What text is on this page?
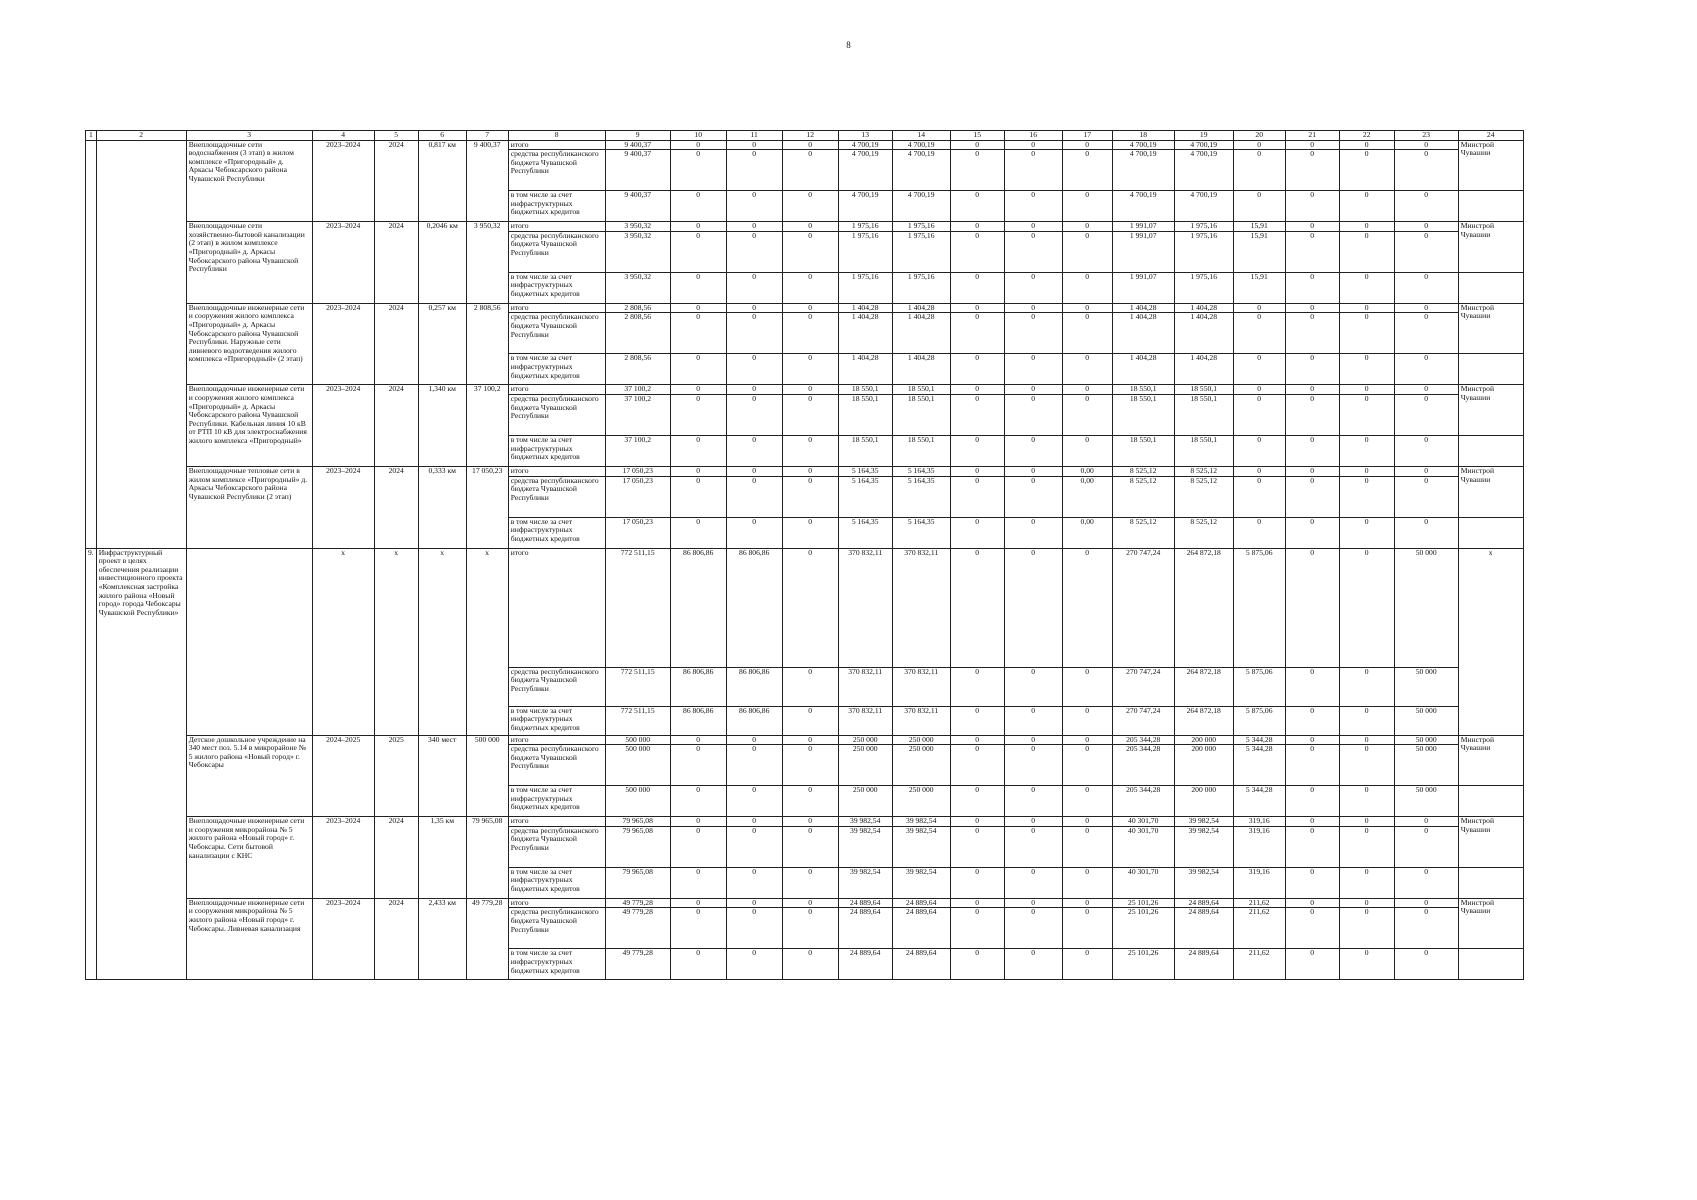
8
1	2	3	4	5	6	7	8	9	10	11	12	13	14	15	16	17	18	19	20	21	22	23	24
		Внеплощадочные сети водоснабжения (3 этап) в жилом комплексе «Пригородный» д. Аркасы Чебоксарского района Чувашской Республики	2023–2024	2024	0,817 км	9 400,37	итого	9 400,37	0	0	0	4 700,19	4 700,19	0	0	0	4 700,19	4 700,19	0	0	0	0	Минстрой Чувашии
							средства республиканского бюджета Чувашской Республики	9 400,37	0	0	0	4 700,19	4 700,19	0	0	0	4 700,19	4 700,19	0	0	0	0	
							в том числе за счет инфраструктурных бюджетных кредитов	9 400,37	0	0	0	4 700,19	4 700,19	0	0	0	4 700,19	4 700,19	0	0	0	0	
		Внеплощадочные сети хозяйственно-бытовой канализации (2 этап) в жилом комплексе «Пригородный» д. Аркасы Чебоксарского района Чувашской Республики	2023–2024	2024	0,2046 км	3 950,32	итого	3 950,32	0	0	0	1 975,16	1 975,16	0	0	0	1 991,07	1 975,16	15,91	0	0	0	Минстрой Чувашии
							средства республиканского бюджета Чувашской Республики	3 950,32	0	0	0	1 975,16	1 975,16	0	0	0	1 991,07	1 975,16	15,91	0	0	0	
							в том числе за счет инфраструктурных бюджетных кредитов	3 950,32	0	0	0	1 975,16	1 975,16	0	0	0	1 991,07	1 975,16	15,91	0	0	0	
		Внеплощадочные инженерные сети и сооружения жилого комплекса «Пригородный» д. Аркасы Чебоксарского района Чувашской Республики. Наружные сети ливневого водоотведения жилого комплекса «Пригородный» (2 этап)	2023–2024	2024	0,257 км	2 808,56	итого	2 808,56	0	0	0	1 404,28	1 404,28	0	0	0	1 404,28	1 404,28	0	0	0	0	Минстрой Чувашии
							средства республиканского бюджета Чувашской Республики	2 808,56	0	0	0	1 404,28	1 404,28	0	0	0	1 404,28	1 404,28	0	0	0	0	
							в том числе за счет инфраструктурных бюджетных кредитов	2 808,56	0	0	0	1 404,28	1 404,28	0	0	0	1 404,28	1 404,28	0	0	0	0	
		Внеплощадочные инженерные сети и сооружения жилого комплекса «Пригородный» д. Аркасы Чебоксарского района Чувашской Республики. Кабельная линия 10 кВ от РТП 10 кВ для электроснабжения жилого комплекса «Пригородный»	2023–2024	2024	1,340 км	37 100,2	итого	37 100,2	0	0	0	18 550,1	18 550,1	0	0	0	18 550,1	18 550,1	0	0	0	0	Минстрой Чувашии
							средства республиканского бюджета Чувашской Республики	37 100,2	0	0	0	18 550,1	18 550,1	0	0	0	18 550,1	18 550,1	0	0	0	0	
							в том числе за счет инфраструктурных бюджетных кредитов	37 100,2	0	0	0	18 550,1	18 550,1	0	0	0	18 550,1	18 550,1	0	0	0	0	
		Внеплощадочные тепловые сети в жилом комплексе «Пригородный» д. Аркасы Чебоксарского района Чувашской Республики (2 этап)	2023–2024	2024	0,333 км	17 050,23	итого	17 050,23	0	0	0	5 164,35	5 164,35	0	0	0,00	8 525,12	8 525,12	0	0	0	0	Минстрой Чувашии
							средства республиканского бюджета Чувашской Республики	17 050,23	0	0	0	5 164,35	5 164,35	0	0	0,00	8 525,12	8 525,12	0	0	0	0	
							в том числе за счет инфраструктурных бюджетных кредитов	17 050,23	0	0	0	5 164,35	5 164,35	0	0	0,00	8 525,12	8 525,12	0	0	0	0	
9.	Инфраструктурный проект в целях обеспечения реализации инвестиционного проекта «Комплексная застройка жилого района «Новый город» города Чебоксары Чувашской Республики»		x	x	x	x	итого	772 511,15	86 806,86	86 806,86	0	370 832,11	370 832,11	0	0	0	270 747,24	264 872,18	5 875,06	0	0	50 000	x
							средства республиканского бюджета Чувашской Республики	772 511,15	86 806,86	86 806,86	0	370 832,11	370 832,11	0	0	0	270 747,24	264 872,18	5 875,06	0	0	50 000	
							в том числе за счет инфраструктурных бюджетных кредитов	772 511,15	86 806,86	86 806,86	0	370 832,11	370 832,11	0	0	0	270 747,24	264 872,18	5 875,06	0	0	50 000	
		Детское дошкольное учреждение на 340 мест поз. 5.14 в микрорайоне № 5 жилого района «Новый город» г. Чебоксары	2024–2025	2025	340 мест	500 000	итого	500 000	0	0	0	250 000	250 000	0	0	0	205 344,28	200 000	5 344,28	0	0	50 000	Минстрой Чувашии
							средства республиканского бюджета Чувашской Республики	500 000	0	0	0	250 000	250 000	0	0	0	205 344,28	200 000	5 344,28	0	0	50 000	
							в том числе за счет инфраструктурных бюджетных кредитов	500 000	0	0	0	250 000	250 000	0	0	0	205 344,28	200 000	5 344,28	0	0	50 000	
		Внеплощадочные инженерные сети и сооружения микрорайона № 5 жилого района «Новый город» г. Чебоксары. Сети бытовой канализации с КНС	2023–2024	2024	1,35 км	79 965,08	итого	79 965,08	0	0	0	39 982,54	39 982,54	0	0	0	40 301,70	39 982,54	319,16	0	0	0	Минстрой Чувашии
							средства республиканского бюджета Чувашской Республики	79 965,08	0	0	0	39 982,54	39 982,54	0	0	0	40 301,70	39 982,54	319,16	0	0	0	
							в том числе за счет инфраструктурных бюджетных кредитов	79 965,08	0	0	0	39 982,54	39 982,54	0	0	0	40 301,70	39 982,54	319,16	0	0	0	
		Внеплощадочные инженерные сети и сооружения микрорайона № 5 жилого района «Новый город» г. Чебоксары. Ливневая канализация	2023–2024	2024	2,433 км	49 779,28	итого	49 779,28	0	0	0	24 889,64	24 889,64	0	0	0	25 101,26	24 889,64	211,62	0	0	0	Минстрой Чувашии
							средства республиканского бюджета Чувашской Республики	49 779,28	0	0	0	24 889,64	24 889,64	0	0	0	25 101,26	24 889,64	211,62	0	0	0	
							в том числе за счет инфраструктурных бюджетных кредитов	49 779,28	0	0	0	24 889,64	24 889,64	0	0	0	25 101,26	24 889,64	211,62	0	0	0	
